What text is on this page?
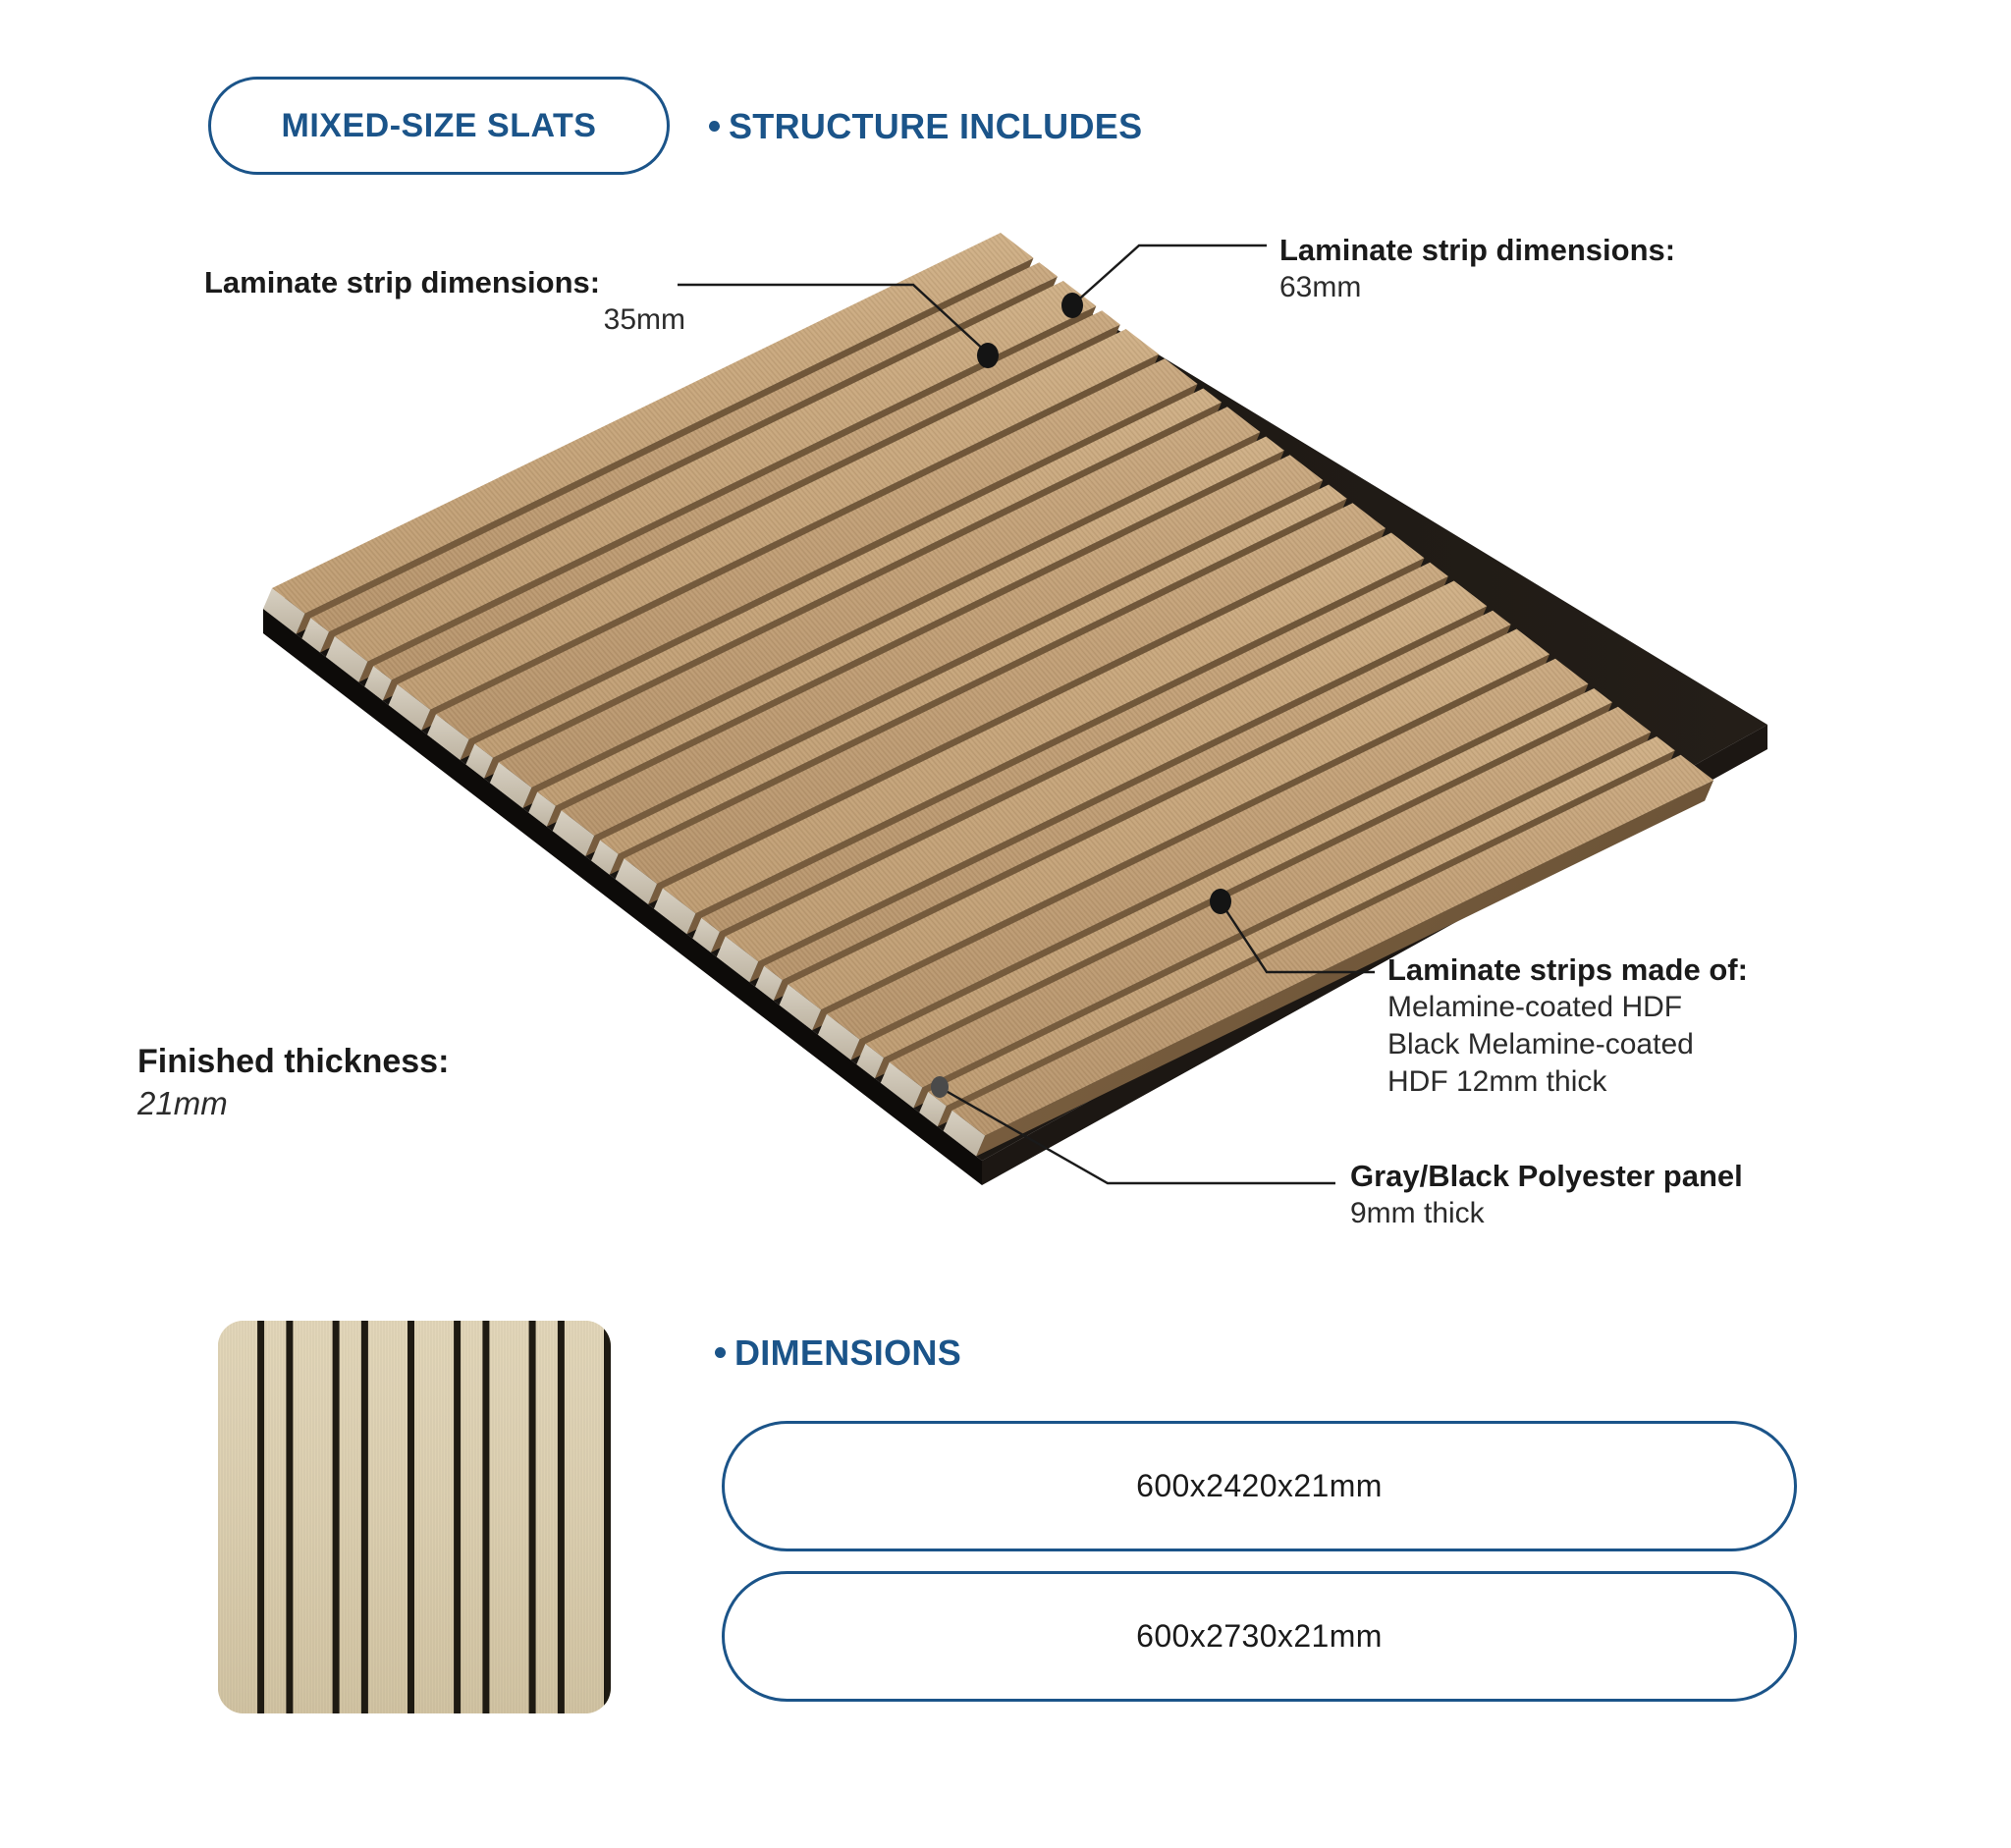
MIXED-SIZE SLATS	STRUCTURE INCLUDES
Laminate strip dimensions:
35mm
Laminate strip dimensions:
63mm
Laminate strips made of:
Melamine-coated HDF
Black Melamine-coated
HDF 12mm thick
Gray/Black Polyester panel
9mm thick
Finished thickness:
21mm
DIMENSIONS
600x2420x21mm
600x2730x21mm
